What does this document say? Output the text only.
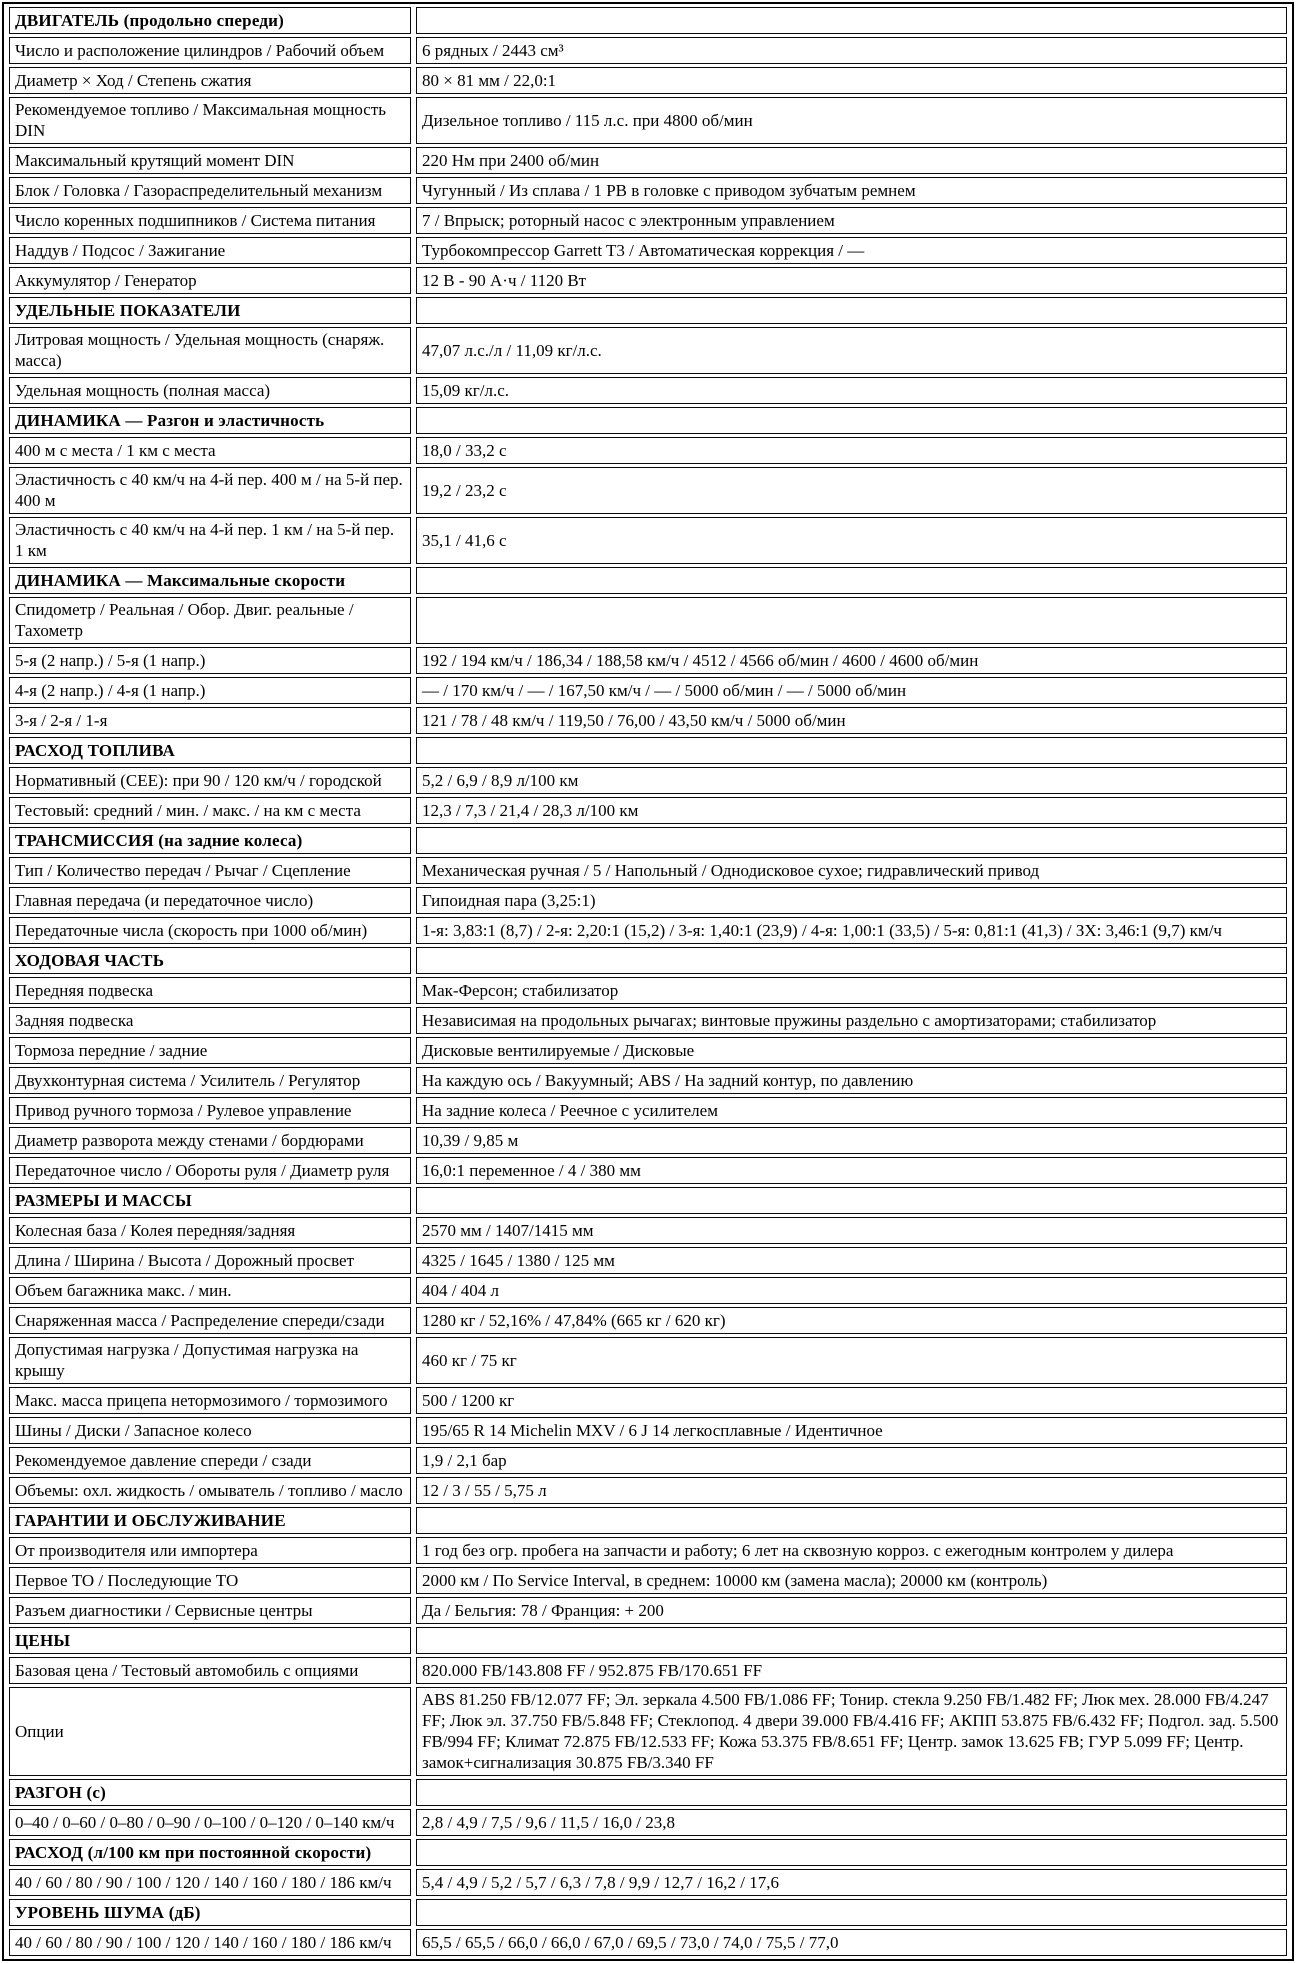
ДВИГАТЕЛЬ (продольно спереди)	
Число и расположение цилиндров / Рабочий объем	6 рядных / 2443 см³
Диаметр × Ход / Степень сжатия	80 × 81 мм / 22,0:1
Рекомендуемое топливо / Максимальная мощность DIN	Дизельное топливо / 115 л.с. при 4800 об/мин
Максимальный крутящий момент DIN	220 Нм при 2400 об/мин
Блок / Головка / Газораспределительный механизм	Чугунный / Из сплава / 1 РВ в головке с приводом зубчатым ремнем
Число коренных подшипников / Система питания	7 / Впрыск; роторный насос с электронным управлением
Наддув / Подсос / Зажигание	Турбокомпрессор Garrett T3 / Автоматическая коррекция / —
Аккумулятор / Генератор	12 В - 90 А·ч / 1120 Вт
УДЕЛЬНЫЕ ПОКАЗАТЕЛИ	
Литровая мощность / Удельная мощность (снаряж. масса)	47,07 л.с./л / 11,09 кг/л.с.
Удельная мощность (полная масса)	15,09 кг/л.с.
ДИНАМИКА — Разгон и эластичность	
400 м с места / 1 км с места	18,0 / 33,2 с
Эластичность с 40 км/ч на 4-й пер. 400 м / на 5-й пер. 400 м	19,2 / 23,2 с
Эластичность с 40 км/ч на 4-й пер. 1 км / на 5-й пер. 1 км	35,1 / 41,6 с
ДИНАМИКА — Максимальные скорости	
Спидометр / Реальная / Обор. Двиг. реальные / Тахометр	
5-я (2 напр.) / 5-я (1 напр.)	192 / 194 км/ч / 186,34 / 188,58 км/ч / 4512 / 4566 об/мин / 4600 / 4600 об/мин
4-я (2 напр.) / 4-я (1 напр.)	— / 170 км/ч / — / 167,50 км/ч / — / 5000 об/мин / — / 5000 об/мин
3-я / 2-я / 1-я	121 / 78 / 48 км/ч / 119,50 / 76,00 / 43,50 км/ч / 5000 об/мин
РАСХОД ТОПЛИВА	
Нормативный (CEE): при 90 / 120 км/ч / городской	5,2 / 6,9 / 8,9 л/100 км
Тестовый: средний / мин. / макс. / на км с места	12,3 / 7,3 / 21,4 / 28,3 л/100 км
ТРАНСМИССИЯ (на задние колеса)	
Тип / Количество передач / Рычаг / Сцепление	Механическая ручная / 5 / Напольный / Однодисковое сухое; гидравлический привод
Главная передача (и передаточное число)	Гипоидная пара (3,25:1)
Передаточные числа (скорость при 1000 об/мин)	1-я: 3,83:1 (8,7) / 2-я: 2,20:1 (15,2) / 3-я: 1,40:1 (23,9) / 4-я: 1,00:1 (33,5) / 5-я: 0,81:1 (41,3) / ЗХ: 3,46:1 (9,7) км/ч
ХОДОВАЯ ЧАСТЬ	
Передняя подвеска	Мак-Ферсон; стабилизатор
Задняя подвеска	Независимая на продольных рычагах; винтовые пружины раздельно с амортизаторами; стабилизатор
Тормоза передние / задние	Дисковые вентилируемые / Дисковые
Двухконтурная система / Усилитель / Регулятор	На каждую ось / Вакуумный; ABS / На задний контур, по давлению
Привод ручного тормоза / Рулевое управление	На задние колеса / Реечное с усилителем
Диаметр разворота между стенами / бордюрами	10,39 / 9,85 м
Передаточное число / Обороты руля / Диаметр руля	16,0:1 переменное / 4 / 380 мм
РАЗМЕРЫ И МАССЫ	
Колесная база / Колея передняя/задняя	2570 мм / 1407/1415 мм
Длина / Ширина / Высота / Дорожный просвет	4325 / 1645 / 1380 / 125 мм
Объем багажника макс. / мин.	404 / 404 л
Снаряженная масса / Распределение спереди/сзади	1280 кг / 52,16% / 47,84% (665 кг / 620 кг)
Допустимая нагрузка / Допустимая нагрузка на крышу	460 кг / 75 кг
Макс. масса прицепа нетормозимого / тормозимого	500 / 1200 кг
Шины / Диски / Запасное колесо	195/65 R 14 Michelin MXV / 6 J 14 легкосплавные / Идентичное
Рекомендуемое давление спереди / сзади	1,9 / 2,1 бар
Объемы: охл. жидкость / омыватель / топливо / масло	12 / 3 / 55 / 5,75 л
ГАРАНТИИ И ОБСЛУЖИВАНИЕ	
От производителя или импортера	1 год без огр. пробега на запчасти и работу; 6 лет на сквозную корроз. с ежегодным контролем у дилера
Первое ТО / Последующие ТО	2000 км / По Service Interval, в среднем: 10000 км (замена масла); 20000 км (контроль)
Разъем диагностики / Сервисные центры	Да / Бельгия: 78 / Франция: + 200
ЦЕНЫ	
Базовая цена / Тестовый автомобиль с опциями	820.000 FB/143.808 FF / 952.875 FB/170.651 FF
Опции	ABS 81.250 FB/12.077 FF; Эл. зеркала 4.500 FB/1.086 FF; Тонир. стекла 9.250 FB/1.482 FF; Люк мех. 28.000 FB/4.247 FF; Люк эл. 37.750 FB/5.848 FF; Стеклопод. 4 двери 39.000 FB/4.416 FF; АКПП 53.875 FB/6.432 FF; Подгол. зад. 5.500 FB/994 FF; Климат 72.875 FB/12.533 FF; Кожа 53.375 FB/8.651 FF; Центр. замок 13.625 FB; ГУР 5.099 FF; Центр. замок+сигнализация 30.875 FB/3.340 FF
РАЗГОН (с)	
0–40 / 0–60 / 0–80 / 0–90 / 0–100 / 0–120 / 0–140 км/ч	2,8 / 4,9 / 7,5 / 9,6 / 11,5 / 16,0 / 23,8
РАСХОД (л/100 км при постоянной скорости)	
40 / 60 / 80 / 90 / 100 / 120 / 140 / 160 / 180 / 186 км/ч	5,4 / 4,9 / 5,2 / 5,7 / 6,3 / 7,8 / 9,9 / 12,7 / 16,2 / 17,6
УРОВЕНЬ ШУМА (дБ)	
40 / 60 / 80 / 90 / 100 / 120 / 140 / 160 / 180 / 186 км/ч	65,5 / 65,5 / 66,0 / 66,0 / 67,0 / 69,5 / 73,0 / 74,0 / 75,5 / 77,0
